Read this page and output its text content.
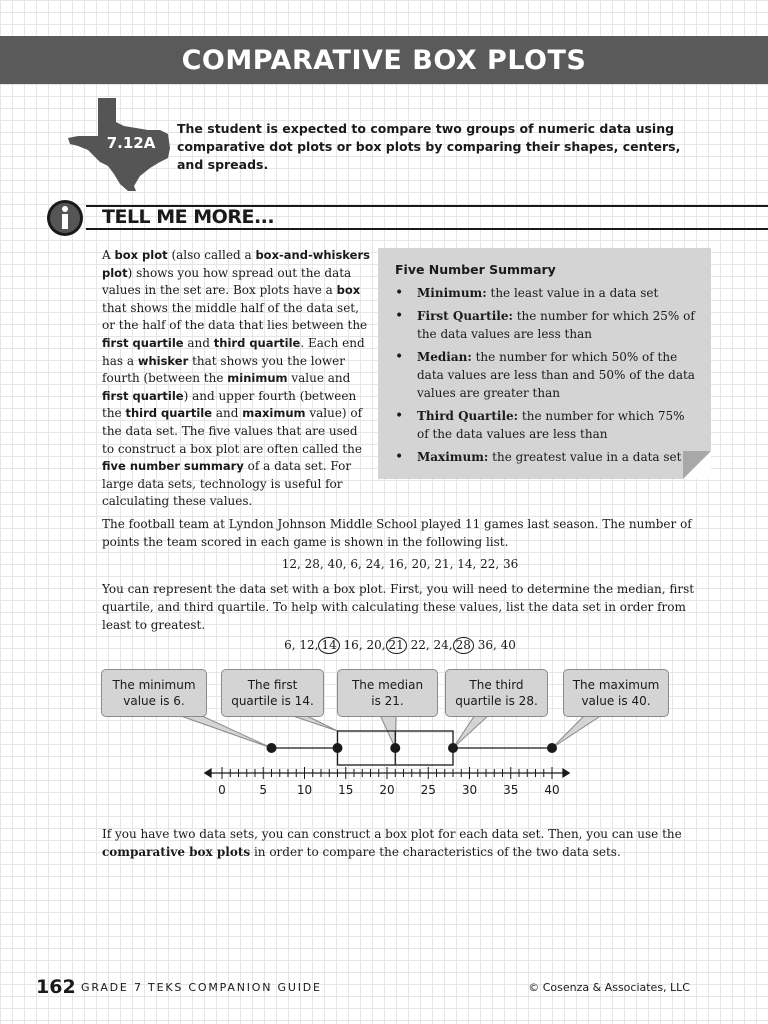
COMPARATIVE BOX PLOTS
7.12A
The student is expected to compare two groups of numeric data using comparative dot plots or box plots by comparing their shapes, centers, and spreads.
TELL ME MORE...
A box plot (also called a box-and-whiskers plot) shows you how spread out the data values in the set are. Box plots have a box that shows the middle half of the data set, or the half of the data that lies between the first quartile and third quartile. Each end has a whisker that shows you the lower fourth (between the minimum value and first quartile) and upper fourth (between the third quartile and maximum value) of the data set. The five values that are used to construct a box plot are often called the five number summary of a data set. For large data sets, technology is useful for calculating these values.
Five Number Summary
• Minimum: the least value in a data set
• First Quartile: the number for which 25% of the data values are less than
• Median: the number for which 50% of the data values are less than and 50% of the data values are greater than
• Third Quartile: the number for which 75% of the data values are less than
• Maximum: the greatest value in a data set
The football team at Lyndon Johnson Middle School played 11 games last season. The number of points the team scored in each game is shown in the following list.
12, 28, 40, 6, 24, 16, 20, 21, 14, 22, 36
You can represent the data set with a box plot. First, you will need to determine the median, first quartile, and third quartile. To help with calculating these values, list the data set in order from least to greatest.
6, 12, 14 16, 20, 21 22, 24, 28 36, 40
The minimum
value is 6.
The first
quartile is 14.
The median
is 21.
The third
quartile is 28.
The maximum
value is 40.
0	5	10	15	20	25	30	35	40
If you have two data sets, you can construct a box plot for each data set. Then, you can use the comparative box plots in order to compare the characteristics of the two data sets.
162 GRADE 7 TEKS COMPANION GUIDE	© Cosenza & Associates, LLC
